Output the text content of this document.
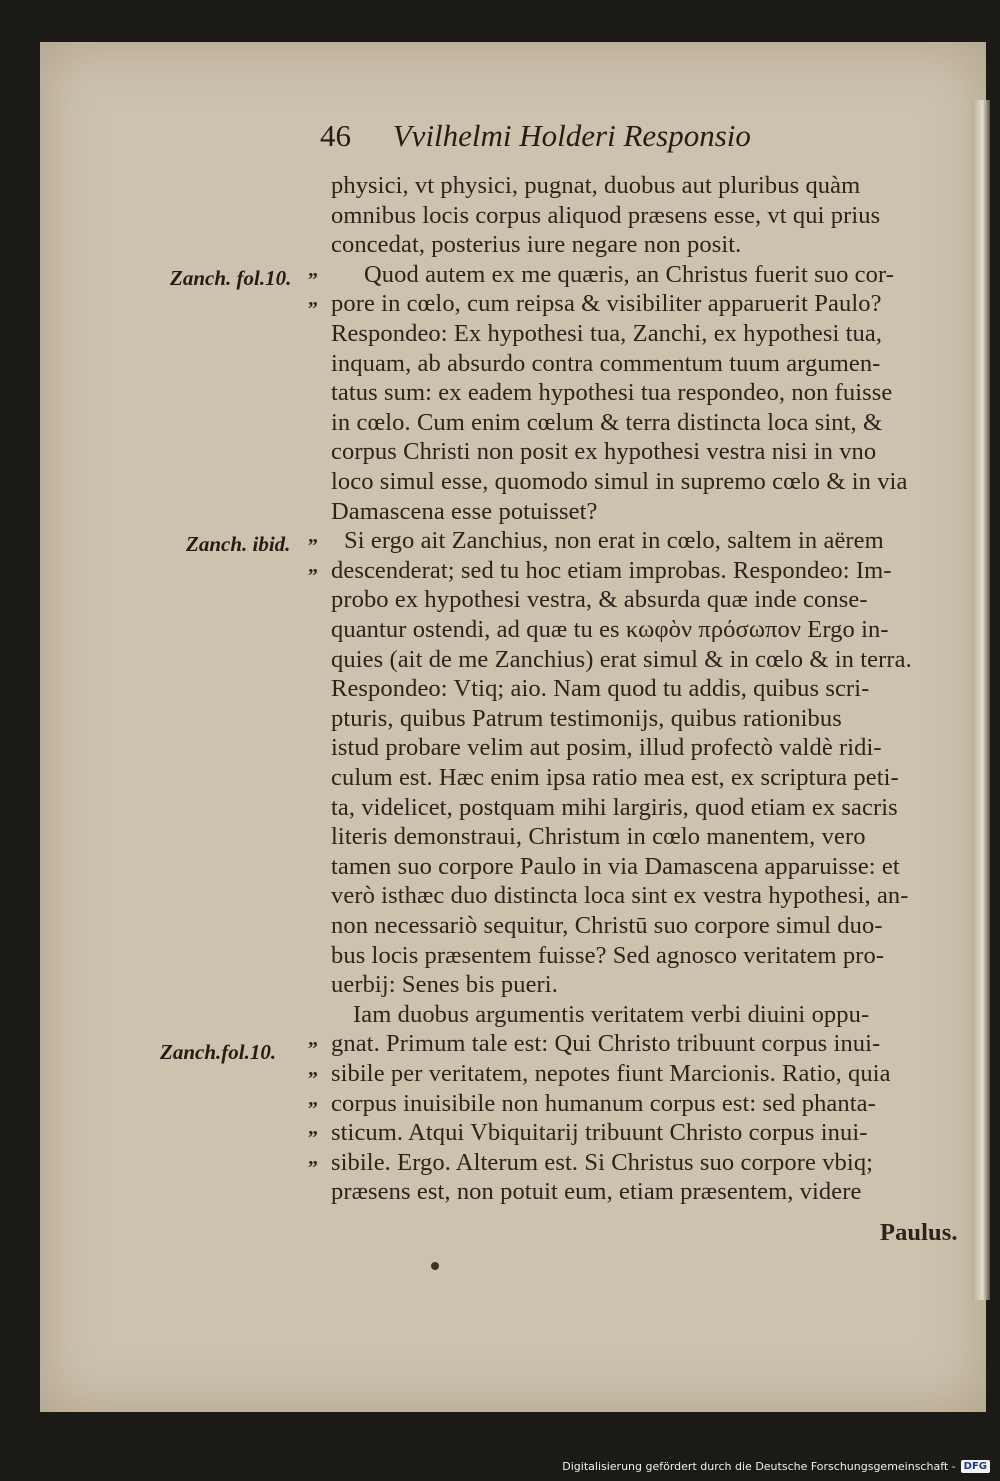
46 Vvilhelmi Holderi Responsio
Zanch. fol.10.
Zanch. ibid.
Zanch.fol.10.
physici, vt physici, pugnat, duobus aut pluribus quàm
omnibus locis corpus aliquod præsens esse, vt qui prius
concedat, posterius iure negare non posit.
Quod autem ex me quæris, an Christus fuerit suo cor-
„
pore in cœlo, cum reipsa & visibiliter apparuerit Paulo?
„
Respondeo: Ex hypothesi tua, Zanchi, ex hypothesi tua,
inquam, ab absurdo contra commentum tuum argumen-
tatus sum: ex eadem hypothesi tua respondeo, non fuisse
in cœlo. Cum enim cœlum & terra distincta loca sint, &
corpus Christi non posit ex hypothesi vestra nisi in vno
loco simul esse, quomodo simul in supremo cœlo & in via
Damascena esse potuisset?
Si ergo ait Zanchius, non erat in cœlo, saltem in aërem
„
descenderat; sed tu hoc etiam improbas. Respondeo: Im-
„
probo ex hypothesi vestra, & absurda quæ inde conse-
quantur ostendi, ad quæ tu es κωφὸν πρόσωπον Ergo in-
quies (ait de me Zanchius) erat simul & in cœlo & in terra.
Respondeo: Vtiq; aio. Nam quod tu addis, quibus scri-
pturis, quibus Patrum testimonijs, quibus rationibus
istud probare velim aut posim, illud profectò valdè ridi-
culum est. Hæc enim ipsa ratio mea est, ex scriptura peti-
ta, videlicet, postquam mihi largiris, quod etiam ex sacris
literis demonstraui, Christum in cœlo manentem, vero
tamen suo corpore Paulo in via Damascena apparuisse: et
verò isthæc duo distincta loca sint ex vestra hypothesi, an-
non necessariò sequitur, Christū suo corpore simul duo-
bus locis præsentem fuisse? Sed agnosco veritatem pro-
uerbij: Senes bis pueri.
Iam duobus argumentis veritatem verbi diuini oppu-
gnat. Primum tale est: Qui Christo tribuunt corpus inui-
„
sibile per veritatem, nepotes fiunt Marcionis. Ratio, quia
„
corpus inuisibile non humanum corpus est: sed phanta-
„
sticum. Atqui Vbiquitarij tribuunt Christo corpus inui-
„
sibile. Ergo. Alterum est. Si Christus suo corpore vbiq;
„
præsens est, non potuit eum, etiam præsentem, videre
Paulus.
Digitalisierung gefördert durch die Deutsche Forschungsgemeinschaft - DFG
